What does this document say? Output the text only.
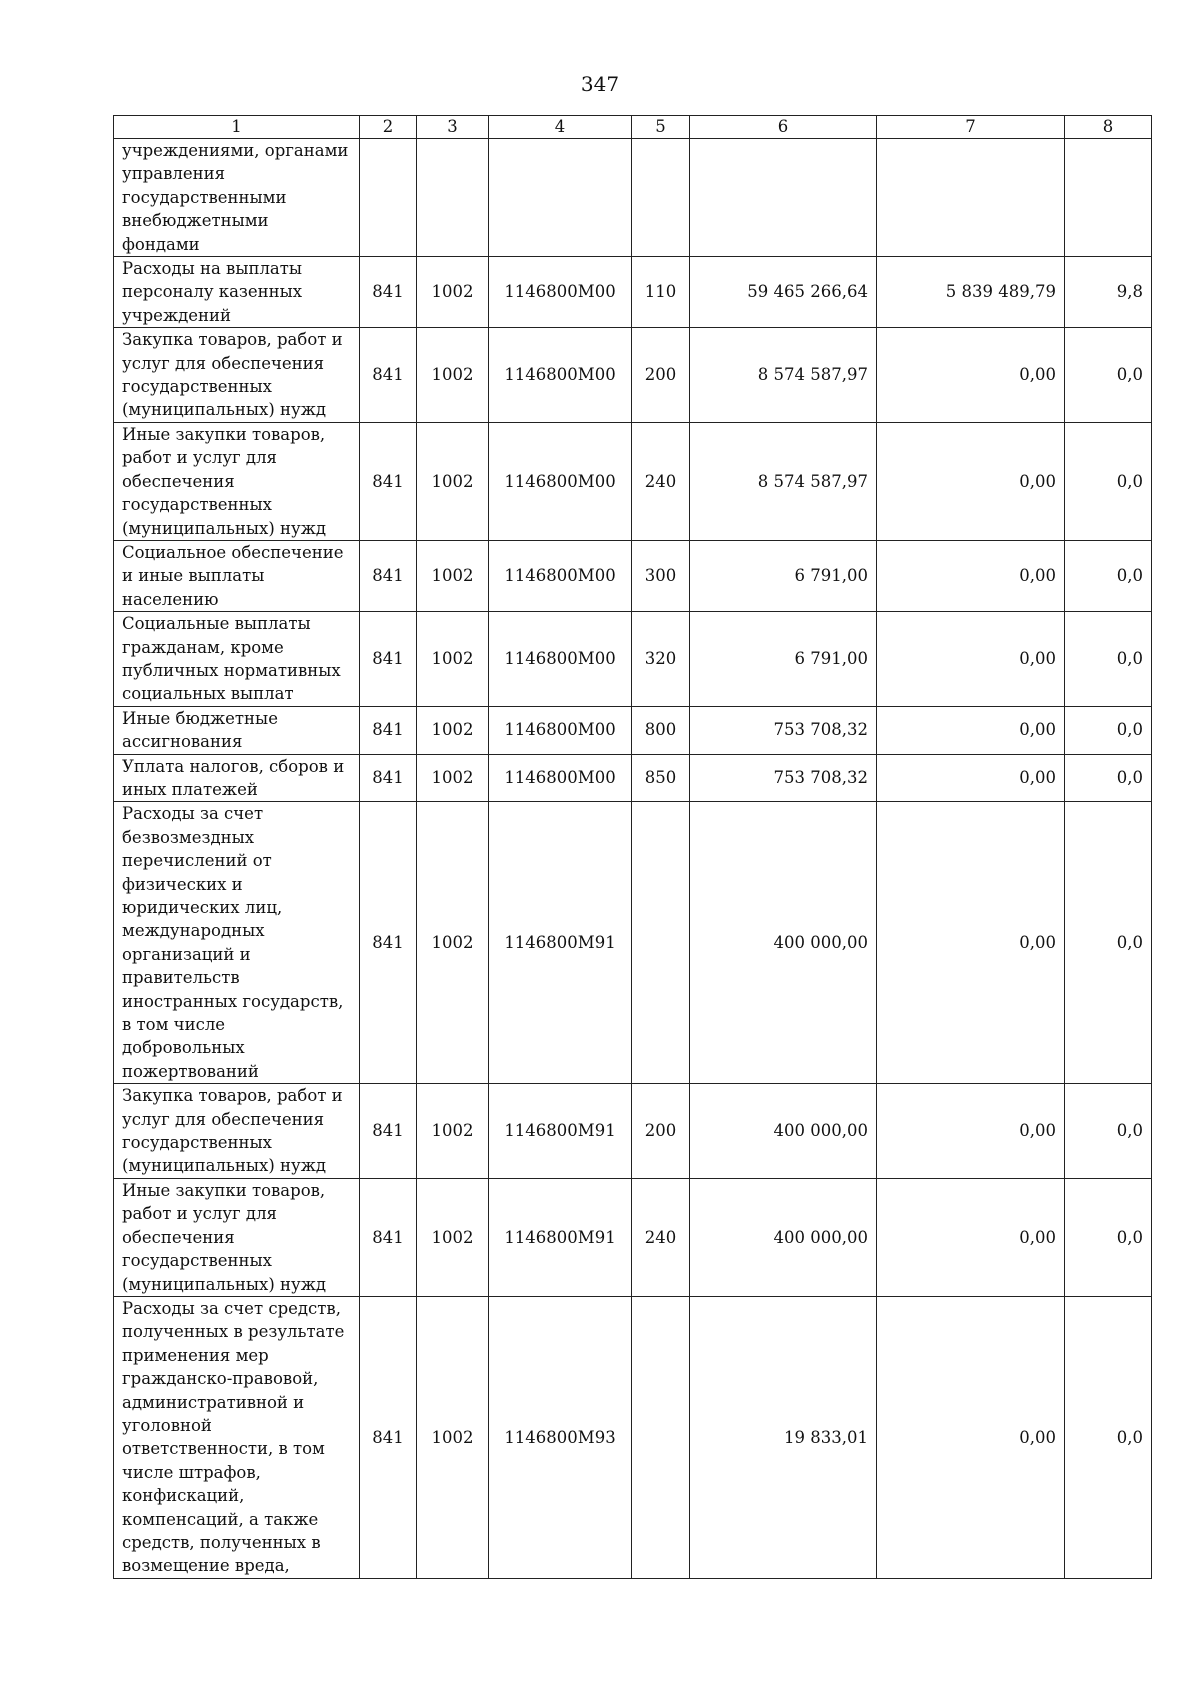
347
1	2	3	4	5	6	7	8
учреждениями, органами управления государственными внебюджетными фондами							
Расходы на выплаты персоналу казенных учреждений	841	1002	1146800М00	110	59 465 266,64	5 839 489,79	9,8
Закупка товаров, работ и услуг для обеспечения государственных (муниципальных) нужд	841	1002	1146800М00	200	8 574 587,97	0,00	0,0
Иные закупки товаров, работ и услуг для обеспечения государственных (муниципальных) нужд	841	1002	1146800М00	240	8 574 587,97	0,00	0,0
Социальное обеспечение и иные выплаты населению	841	1002	1146800М00	300	6 791,00	0,00	0,0
Социальные выплаты гражданам, кроме публичных нормативных социальных выплат	841	1002	1146800М00	320	6 791,00	0,00	0,0
Иные бюджетные ассигнования	841	1002	1146800М00	800	753 708,32	0,00	0,0
Уплата налогов, сборов и иных платежей	841	1002	1146800М00	850	753 708,32	0,00	0,0
Расходы за счет безвозмездных перечислений от физических и юридических лиц, международных организаций и правительств иностранных государств, в том числе добровольных пожертвований	841	1002	1146800М91		400 000,00	0,00	0,0
Закупка товаров, работ и услуг для обеспечения государственных (муниципальных) нужд	841	1002	1146800М91	200	400 000,00	0,00	0,0
Иные закупки товаров, работ и услуг для обеспечения государственных (муниципальных) нужд	841	1002	1146800М91	240	400 000,00	0,00	0,0
Расходы за счет средств, полученных в результате применения мер гражданско-правовой, административной и уголовной ответственности, в том числе штрафов, конфискаций, компенсаций, а также средств, полученных в возмещение вреда,	841	1002	1146800М93		19 833,01	0,00	0,0
